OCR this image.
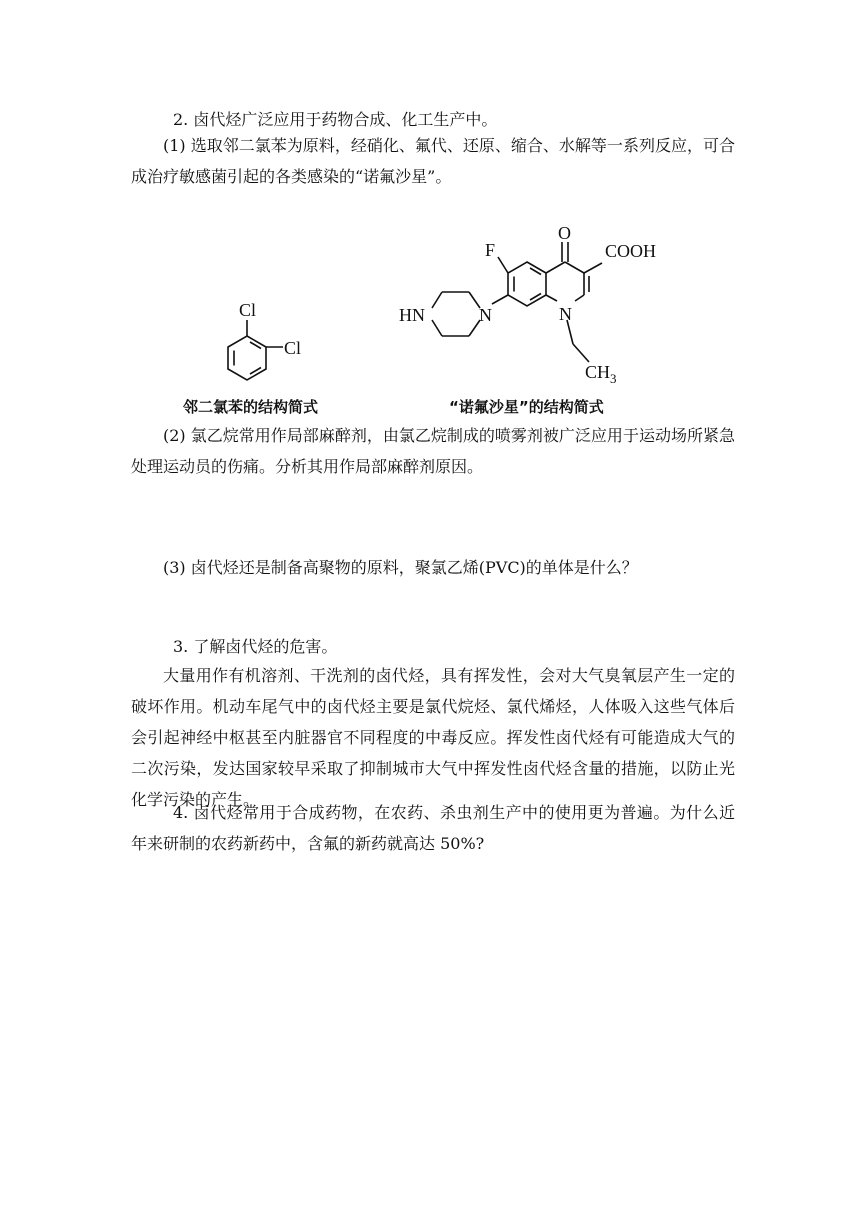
2. 卤代烃广泛应用于药物合成、化工生产中。

(1) 选取邻二氯苯为原料，经硝化、氟代、还原、缩合、水解等一系列反应，可合成治疗敏感菌引起的各类感染的“诺氟沙星”。

Cl
Cl
O
COOH
F
HN	N	N
$CH_3$
邻二氯苯的结构简式	“诺氟沙星”的结构简式

(2) 氯乙烷常用作局部麻醉剂，由氯乙烷制成的喷雾剂被广泛应用于运动场所紧急处理运动员的伤痛。分析其用作局部麻醉剂原因。

(3) 卤代烃还是制备高聚物的原料，聚氯乙烯(PVC)的单体是什么？

3. 了解卤代烃的危害。

大量用作有机溶剂、干洗剂的卤代烃，具有挥发性，会对大气臭氧层产生一定的破坏作用。机动车尾气中的卤代烃主要是氯代烷烃、氯代烯烃，人体吸入这些气体后会引起神经中枢甚至内脏器官不同程度的中毒反应。挥发性卤代烃有可能造成大气的二次污染，发达国家较早采取了抑制城市大气中挥发性卤代烃含量的措施，以防止光化学污染的产生。

4. 卤代烃常用于合成药物，在农药、杀虫剂生产中的使用更为普遍。为什么近年来研制的农药新药中，含氟的新药就高达 50%?
